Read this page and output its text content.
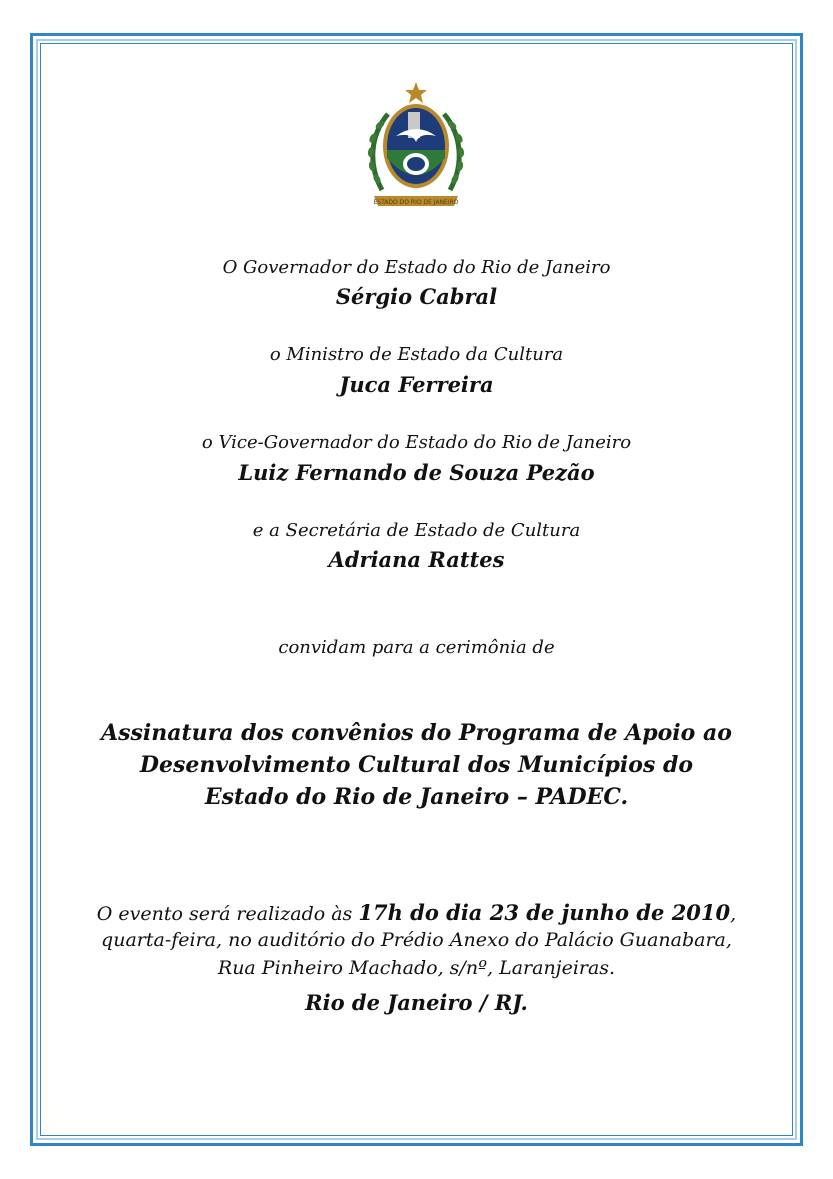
ESTADO DO RIO DE JANEIRO
O Governador do Estado do Rio de Janeiro
Sérgio Cabral
o Ministro de Estado da Cultura
Juca Ferreira
o Vice-Governador do Estado do Rio de Janeiro
Luiz Fernando de Souza Pezão
e a Secretária de Estado de Cultura
Adriana Rattes
convidam para a cerimônia de
Assinatura dos convênios do Programa de Apoio ao
Desenvolvimento Cultural dos Municípios do
Estado do Rio de Janeiro – PADEC.
O evento será realizado às 17h do dia 23 de junho de 2010,
quarta-feira, no auditório do Prédio Anexo do Palácio Guanabara,
Rua Pinheiro Machado, s/nº, Laranjeiras.
Rio de Janeiro / RJ.
